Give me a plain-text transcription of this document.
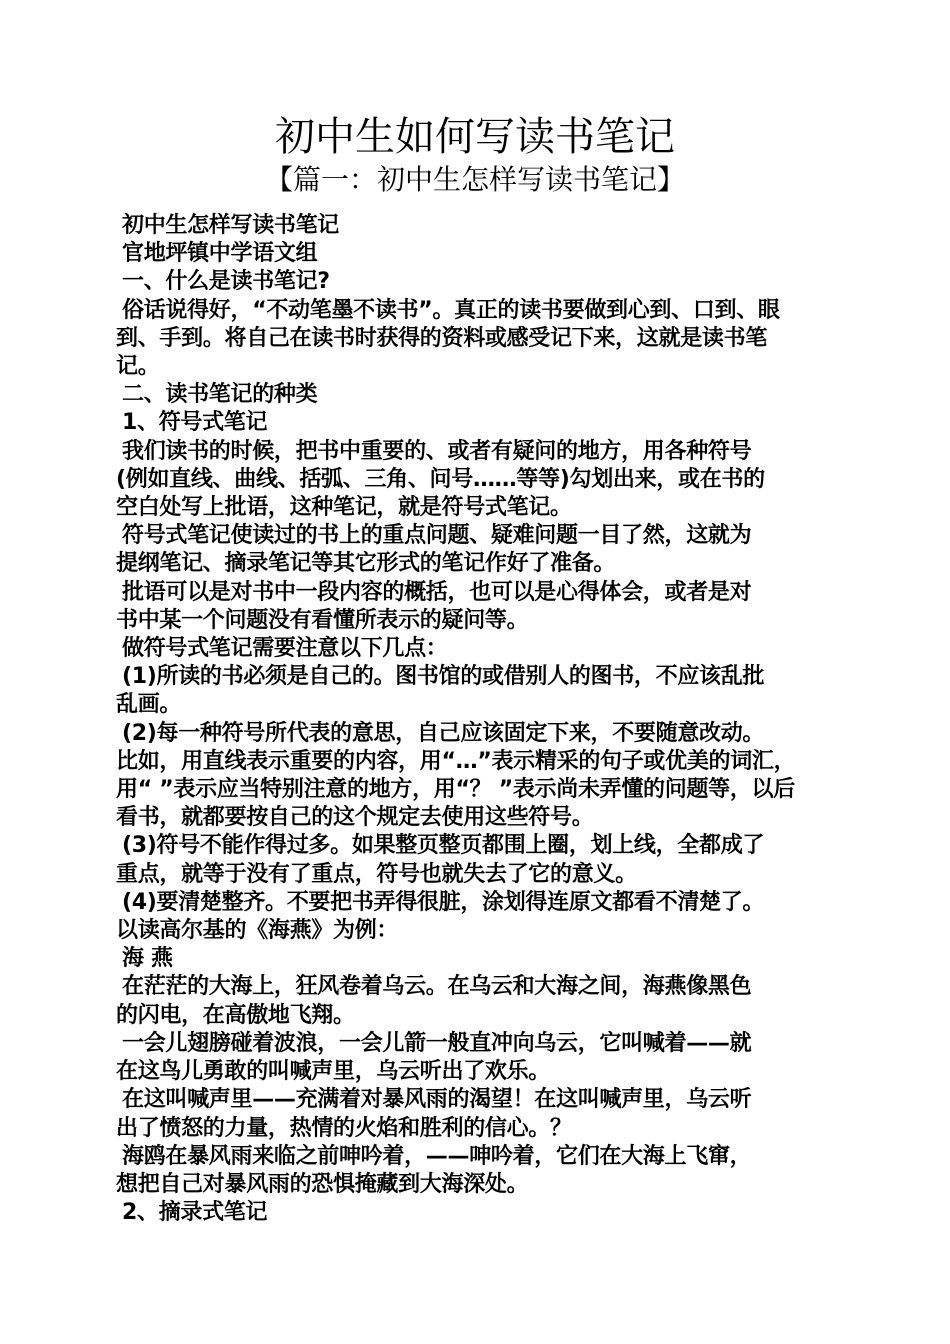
初中生如何写读书笔记
【篇一：初中生怎样写读书笔记】
初中生怎样写读书笔记
官地坪镇中学语文组
一、什么是读书笔记?
俗话说得好，“不动笔墨不读书”。真正的读书要做到心到、口到、眼
到、手到。将自己在读书时获得的资料或感受记下来，这就是读书笔
记。
二、读书笔记的种类
1、符号式笔记
我们读书的时候，把书中重要的、或者有疑问的地方，用各种符号
(例如直线、曲线、括弧、三角、问号……等等)勾划出来，或在书的
空白处写上批语，这种笔记，就是符号式笔记。
符号式笔记使读过的书上的重点问题、疑难问题一目了然，这就为
提纲笔记、摘录笔记等其它形式的笔记作好了准备。
批语可以是对书中一段内容的概括，也可以是心得体会，或者是对
书中某一个问题没有看懂所表示的疑问等。
做符号式笔记需要注意以下几点：
(1)所读的书必须是自己的。图书馆的或借别人的图书，不应该乱批
乱画。
(2)每一种符号所代表的意思，自己应该固定下来，不要随意改动。
比如，用直线表示重要的内容，用“…”表示精采的句子或优美的词汇，
用“ ”表示应当特别注意的地方，用“？ ”表示尚未弄懂的问题等，以后
看书，就都要按自己的这个规定去使用这些符号。
(3)符号不能作得过多。如果整页整页都围上圈，划上线，全都成了
重点，就等于没有了重点，符号也就失去了它的意义。
(4)要清楚整齐。不要把书弄得很脏，涂划得连原文都看不清楚了。
以读高尔基的《海燕》为例：
海 燕
在茫茫的大海上，狂风卷着乌云。在乌云和大海之间，海燕像黑色
的闪电，在高傲地飞翔。
一会儿翅膀碰着波浪，一会儿箭一般直冲向乌云，它叫喊着——就
在这鸟儿勇敢的叫喊声里，乌云听出了欢乐。
在这叫喊声里——充满着对暴风雨的渴望！在这叫喊声里，乌云听
出了愤怒的力量，热情的火焰和胜利的信心。？
海鸥在暴风雨来临之前呻吟着，——呻吟着，它们在大海上飞窜，
想把自己对暴风雨的恐惧掩藏到大海深处。
2、摘录式笔记
